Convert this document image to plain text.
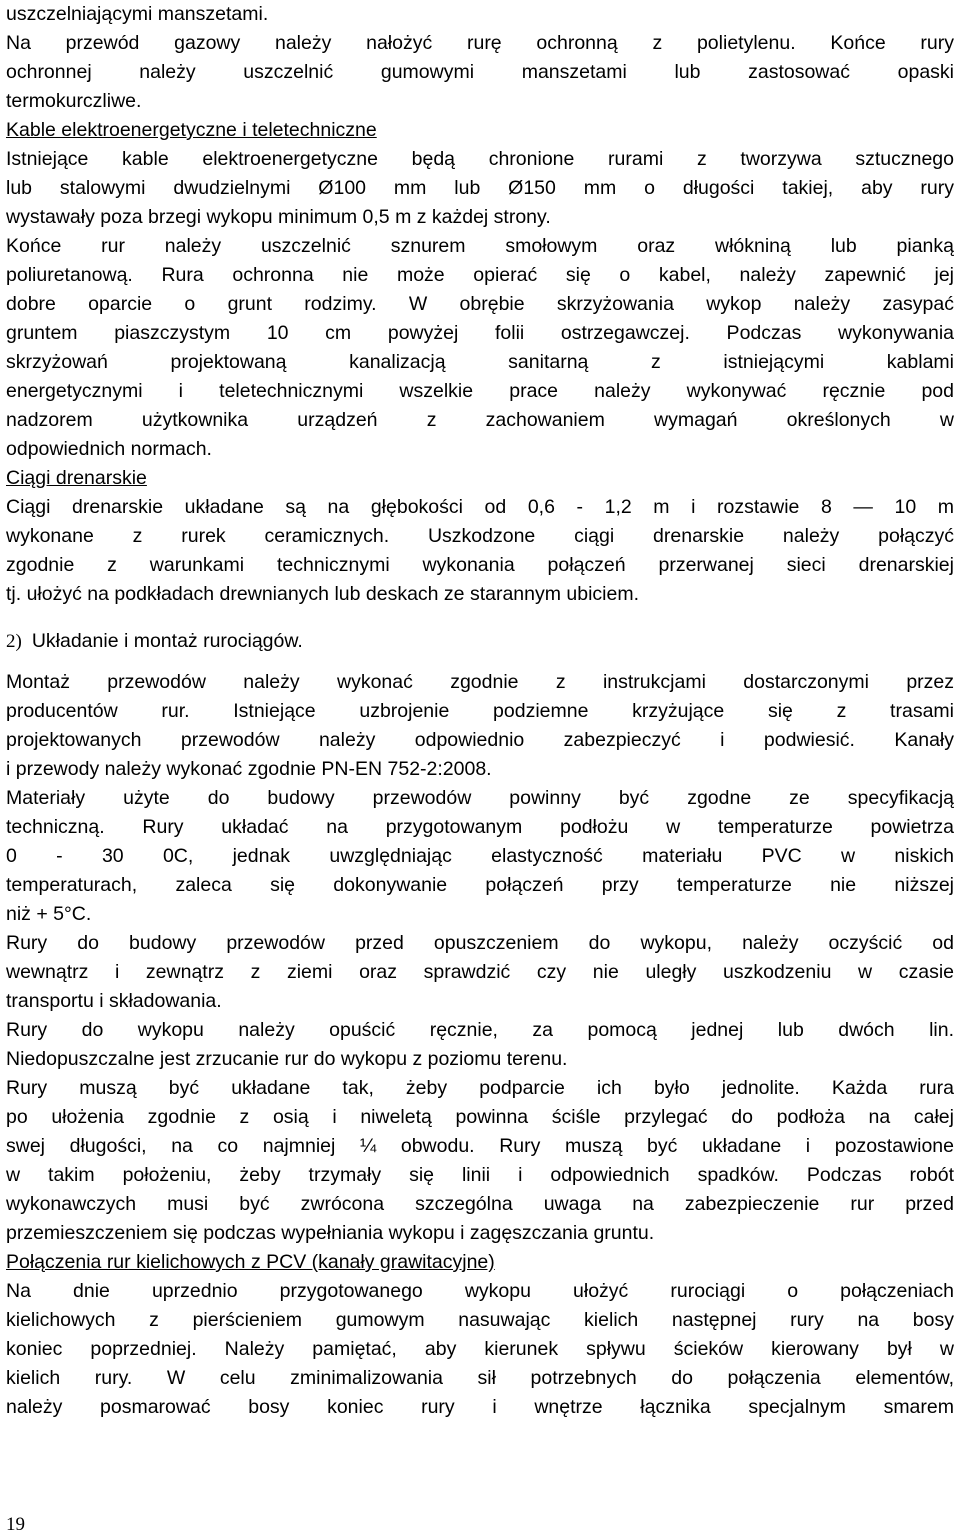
uszczelniającymi manszetami.
Na przewód gazowy należy nałożyć rurę ochronną z polietylenu. Końce rury
ochronnej należy uszczelnić gumowymi manszetami lub zastosować opaski
termokurczliwe.
Kable elektroenergetyczne i teletechniczne
Istniejące kable elektroenergetyczne będą chronione rurami z tworzywa sztucznego
lub stalowymi dwudzielnymi Ø100 mm lub Ø150 mm o długości takiej, aby rury
wystawały poza brzegi wykopu minimum 0,5 m z każdej strony.
Końce rur należy uszczelnić sznurem smołowym oraz włókniną lub pianką
poliuretanową. Rura ochronna nie może opierać się o kabel, należy zapewnić jej
dobre oparcie o grunt rodzimy. W obrębie skrzyżowania wykop należy zasypać
gruntem piaszczystym 10 cm powyżej folii ostrzegawczej. Podczas wykonywania
skrzyżowań projektowaną kanalizacją sanitarną z istniejącymi kablami
energetycznymi i teletechnicznymi wszelkie prace należy wykonywać ręcznie pod
nadzorem użytkownika urządzeń z zachowaniem wymagań określonych w
odpowiednich normach.
Ciągi drenarskie
Ciągi drenarskie układane są na głębokości od 0,6 - 1,2 m i rozstawie 8 — 10 m
wykonane z rurek ceramicznych. Uszkodzone ciągi drenarskie należy połączyć
zgodnie z warunkami technicznymi wykonania połączeń przerwanej sieci drenarskiej
tj. ułożyć na podkładach drewnianych lub deskach ze starannym ubiciem.
2) Układanie i montaż rurociągów.
Montaż przewodów należy wykonać zgodnie z instrukcjami dostarczonymi przez
producentów rur. Istniejące uzbrojenie podziemne krzyżujące się z trasami
projektowanych przewodów należy odpowiednio zabezpieczyć i podwiesić. Kanały
i przewody należy wykonać zgodnie PN-EN 752-2:2008.
Materiały użyte do budowy przewodów powinny być zgodne ze specyfikacją
techniczną. Rury układać na przygotowanym podłożu w temperaturze powietrza
0 - 30 0C, jednak uwzględniając elastyczność materiału PVC w niskich
temperaturach, zaleca się dokonywanie połączeń przy temperaturze nie niższej
niż + 5°C.
Rury do budowy przewodów przed opuszczeniem do wykopu, należy oczyścić od
wewnątrz i zewnątrz z ziemi oraz sprawdzić czy nie uległy uszkodzeniu w czasie
transportu i składowania.
Rury do wykopu należy opuścić ręcznie, za pomocą jednej lub dwóch lin.
Niedopuszczalne jest zrzucanie rur do wykopu z poziomu terenu.
Rury muszą być układane tak, żeby podparcie ich było jednolite. Każda rura
po ułożenia zgodnie z osią i niweletą powinna ściśle przylegać do podłoża na całej
swej długości, na co najmniej ¼ obwodu. Rury muszą być układane i pozostawione
w takim położeniu, żeby trzymały się linii i odpowiednich spadków. Podczas robót
wykonawczych musi być zwrócona szczególna uwaga na zabezpieczenie rur przed
przemieszczeniem się podczas wypełniania wykopu i zagęszczania gruntu.
Połączenia rur kielichowych z PCV (kanały grawitacyjne)
Na dnie uprzednio przygotowanego wykopu ułożyć rurociągi o połączeniach
kielichowych z pierścieniem gumowym nasuwając kielich następnej rury na bosy
koniec poprzedniej. Należy pamiętać, aby kierunek spływu ścieków kierowany był w
kielich rury. W celu zminimalizowania sił potrzebnych do połączenia elementów,
należy posmarować bosy koniec rury i wnętrze łącznika specjalnym smarem
19
